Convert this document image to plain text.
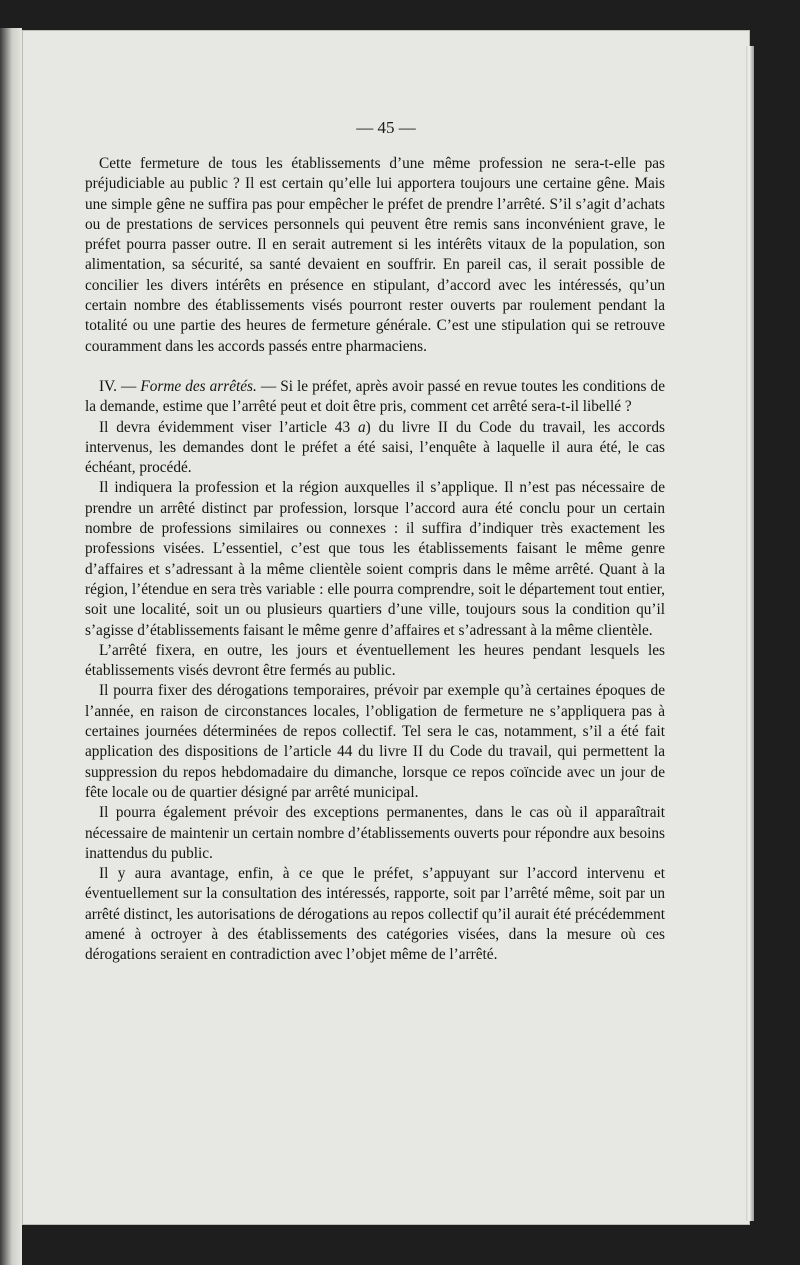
— 45 —

Cette fermeture de tous les établissements d’une même profession ne sera-t-elle pas préjudiciable au public ? Il est certain qu’elle lui apportera toujours une certaine gêne. Mais une simple gêne ne suffira pas pour empêcher le préfet de prendre l’arrêté. S’il s’agit d’achats ou de prestations de services personnels qui peuvent être remis sans inconvénient grave, le préfet pourra passer outre. Il en serait autrement si les intérêts vitaux de la population, son alimentation, sa sécurité, sa santé devaient en souffrir. En pareil cas, il serait possible de concilier les divers intérêts en présence en stipulant, d’accord avec les intéressés, qu’un certain nombre des établissements visés pourront rester ouverts par roulement pendant la totalité ou une partie des heures de fermeture générale. C’est une stipulation qui se retrouve couramment dans les accords passés entre pharmaciens.

IV. — Forme des arrêtés. — Si le préfet, après avoir passé en revue toutes les conditions de la demande, estime que l’arrêté peut et doit être pris, comment cet arrêté sera-t-il libellé ?

Il devra évidemment viser l’article 43 a) du livre II du Code du travail, les accords intervenus, les demandes dont le préfet a été saisi, l’enquête à laquelle il aura été, le cas échéant, procédé.

Il indiquera la profession et la région auxquelles il s’applique. Il n’est pas nécessaire de prendre un arrêté distinct par profession, lorsque l’accord aura été conclu pour un certain nombre de professions similaires ou connexes : il suffira d’indiquer très exactement les professions visées. L’essentiel, c’est que tous les établissements faisant le même genre d’affaires et s’adressant à la même clientèle soient compris dans le même arrêté. Quant à la région, l’étendue en sera très variable : elle pourra comprendre, soit le département tout entier, soit une localité, soit un ou plusieurs quartiers d’une ville, toujours sous la condition qu’il s’agisse d’établissements faisant le même genre d’affaires et s’adressant à la même clientèle.

L’arrêté fixera, en outre, les jours et éventuellement les heures pendant lesquels les établissements visés devront être fermés au public.

Il pourra fixer des dérogations temporaires, prévoir par exemple qu’à certaines époques de l’année, en raison de circonstances locales, l’obligation de fermeture ne s’appliquera pas à certaines journées déterminées de repos collectif. Tel sera le cas, notamment, s’il a été fait application des dispositions de l’article 44 du livre II du Code du travail, qui permettent la suppression du repos hebdomadaire du dimanche, lorsque ce repos coïncide avec un jour de fête locale ou de quartier désigné par arrêté municipal.

Il pourra également prévoir des exceptions permanentes, dans le cas où il apparaîtrait nécessaire de maintenir un certain nombre d’établissements ouverts pour répondre aux besoins inattendus du public.

Il y aura avantage, enfin, à ce que le préfet, s’appuyant sur l’accord intervenu et éventuellement sur la consultation des intéressés, rapporte, soit par l’arrêté même, soit par un arrêté distinct, les autorisations de dérogations au repos collectif qu’il aurait été précédemment amené à octroyer à des établissements des catégories visées, dans la mesure où ces dérogations seraient en contradiction avec l’objet même de l’arrêté.
